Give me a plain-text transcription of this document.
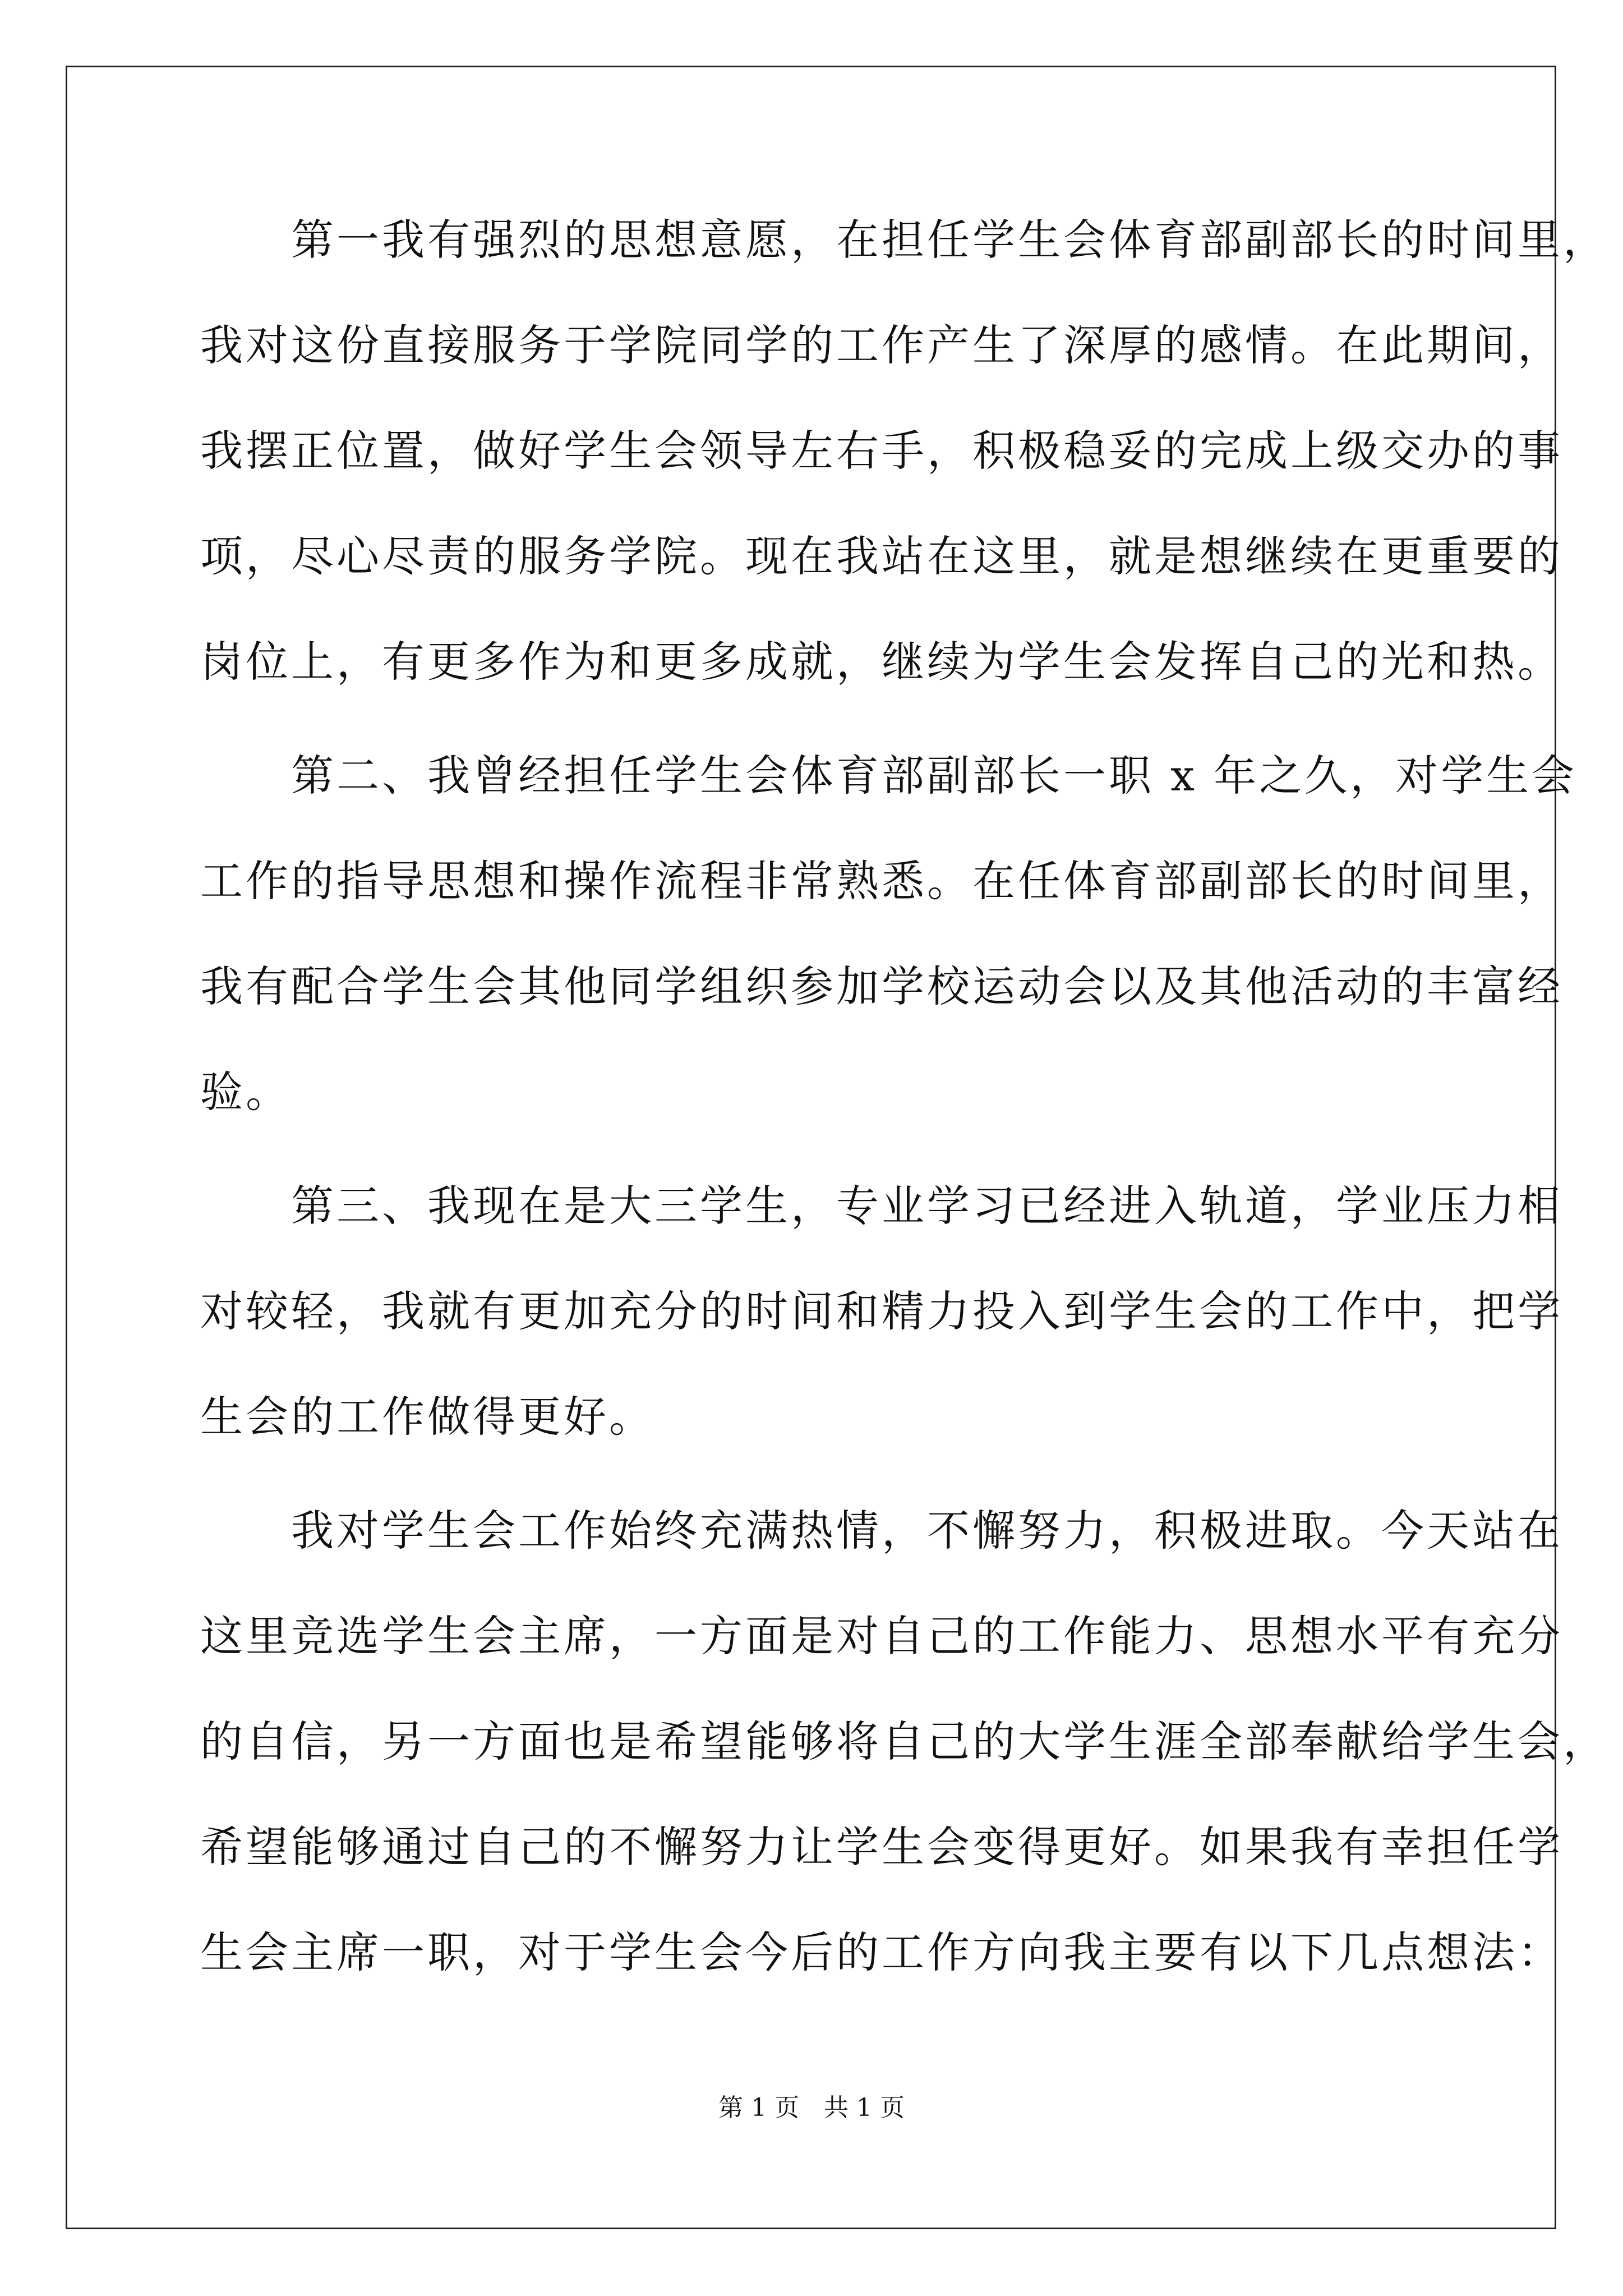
　　第一我有强烈的思想意愿，在担任学生会体育部副部长的时间里，
我对这份直接服务于学院同学的工作产生了深厚的感情。在此期间，
我摆正位置，做好学生会领导左右手，积极稳妥的完成上级交办的事
项，尽心尽责的服务学院。现在我站在这里，就是想继续在更重要的
岗位上，有更多作为和更多成就，继续为学生会发挥自己的光和热。
　　第二、我曾经担任学生会体育部副部长一职 x 年之久，对学生会
工作的指导思想和操作流程非常熟悉。在任体育部副部长的时间里，
我有配合学生会其他同学组织参加学校运动会以及其他活动的丰富经
验。
　　第三、我现在是大三学生，专业学习已经进入轨道，学业压力相
对较轻，我就有更加充分的时间和精力投入到学生会的工作中，把学
生会的工作做得更好。
　　我对学生会工作始终充满热情，不懈努力，积极进取。今天站在
这里竞选学生会主席，一方面是对自己的工作能力、思想水平有充分
的自信，另一方面也是希望能够将自己的大学生涯全部奉献给学生会，
希望能够通过自己的不懈努力让学生会变得更好。如果我有幸担任学
生会主席一职，对于学生会今后的工作方向我主要有以下几点想法：
第 1 页　共 1 页
